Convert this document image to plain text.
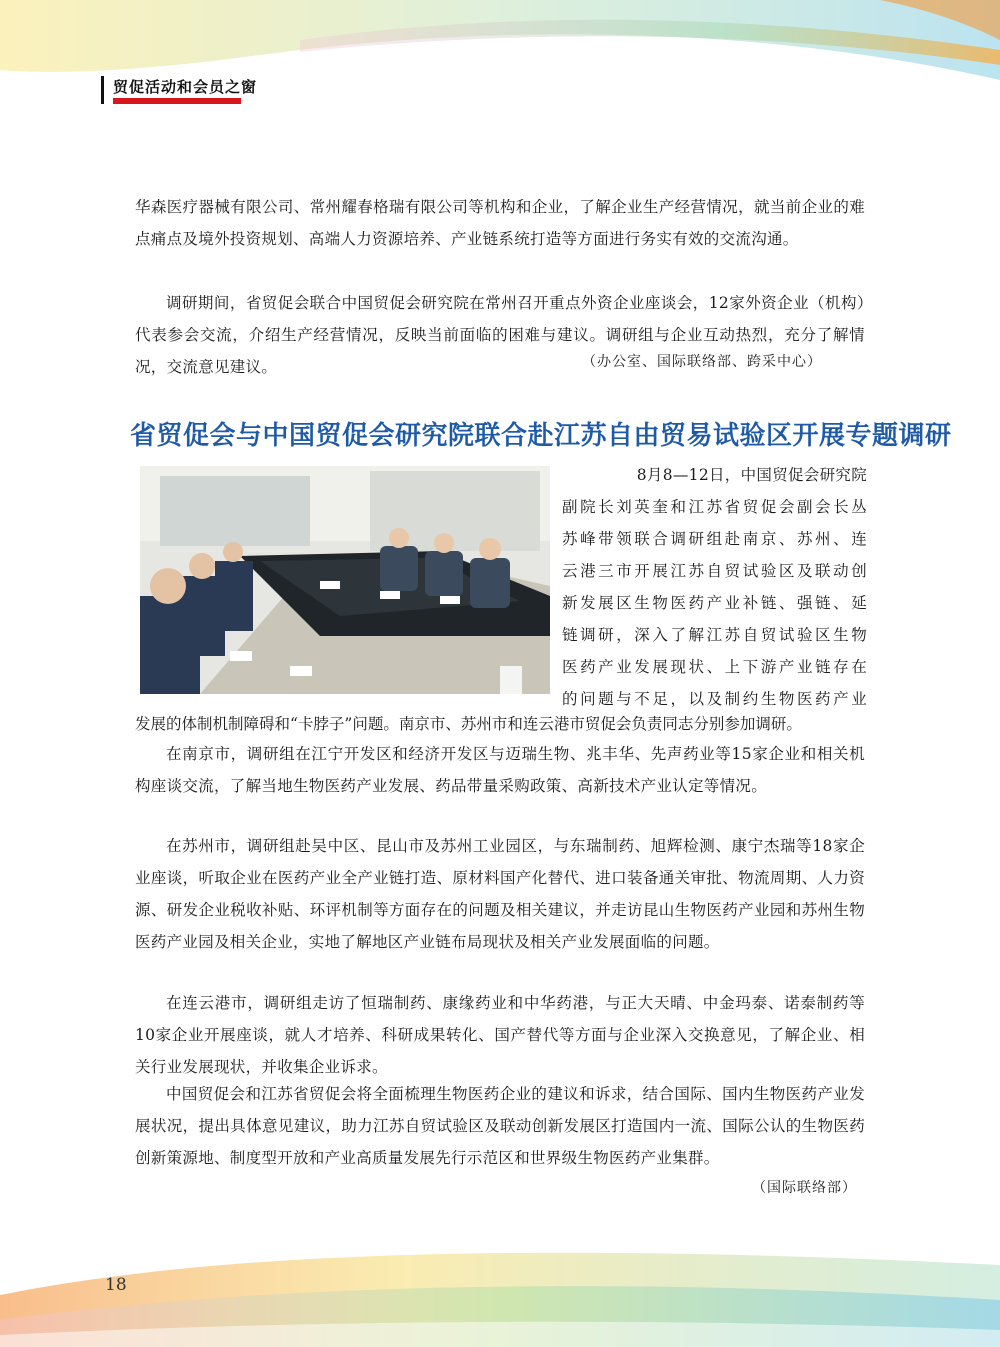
贸促活动和会员之窗

华森医疗器械有限公司、常州耀春格瑞有限公司等机构和企业，了解企业生产经营情况，就当前企业的难点痛点及境外投资规划、高端人力资源培养、产业链系统打造等方面进行务实有效的交流沟通。

调研期间，省贸促会联合中国贸促会研究院在常州召开重点外资企业座谈会，12家外资企业（机构）代表参会交流，介绍生产经营情况，反映当前面临的困难与建议。调研组与企业互动热烈，充分了解情况，交流意见建议。	（办公室、国际联络部、跨采中心）
省贸促会与中国贸促会研究院联合赴江苏自由贸易试验区开展专题调研
8月8—12日，中国贸促会研究院
副院长刘英奎和江苏省贸促会副会长丛
苏峰带领联合调研组赴南京、苏州、连
云港三市开展江苏自贸试验区及联动创
新发展区生物医药产业补链、强链、延
链调研，深入了解江苏自贸试验区生物
医药产业发展现状、上下游产业链存在
的问题与不足，以及制约生物医药产业
发展的体制机制障碍和“卡脖子”问题。南京市、苏州市和连云港市贸促会负责同志分别参加调研。

在南京市，调研组在江宁开发区和经济开发区与迈瑞生物、兆丰华、先声药业等15家企业和相关机构座谈交流，了解当地生物医药产业发展、药品带量采购政策、高新技术产业认定等情况。

在苏州市，调研组赴吴中区、昆山市及苏州工业园区，与东瑞制药、旭辉检测、康宁杰瑞等18家企业座谈，听取企业在医药产业全产业链打造、原材料国产化替代、进口装备通关审批、物流周期、人力资源、研发企业税收补贴、环评机制等方面存在的问题及相关建议，并走访昆山生物医药产业园和苏州生物医药产业园及相关企业，实地了解地区产业链布局现状及相关产业发展面临的问题。

在连云港市，调研组走访了恒瑞制药、康缘药业和中华药港，与正大天晴、中金玛泰、诺泰制药等10家企业开展座谈，就人才培养、科研成果转化、国产替代等方面与企业深入交换意见，了解企业、相关行业发展现状，并收集企业诉求。

中国贸促会和江苏省贸促会将全面梳理生物医药企业的建议和诉求，结合国际、国内生物医药产业发展状况，提出具体意见建议，助力江苏自贸试验区及联动创新发展区打造国内一流、国际公认的生物医药创新策源地、制度型开放和产业高质量发展先行示范区和世界级生物医药产业集群。

（国际联络部）
18
